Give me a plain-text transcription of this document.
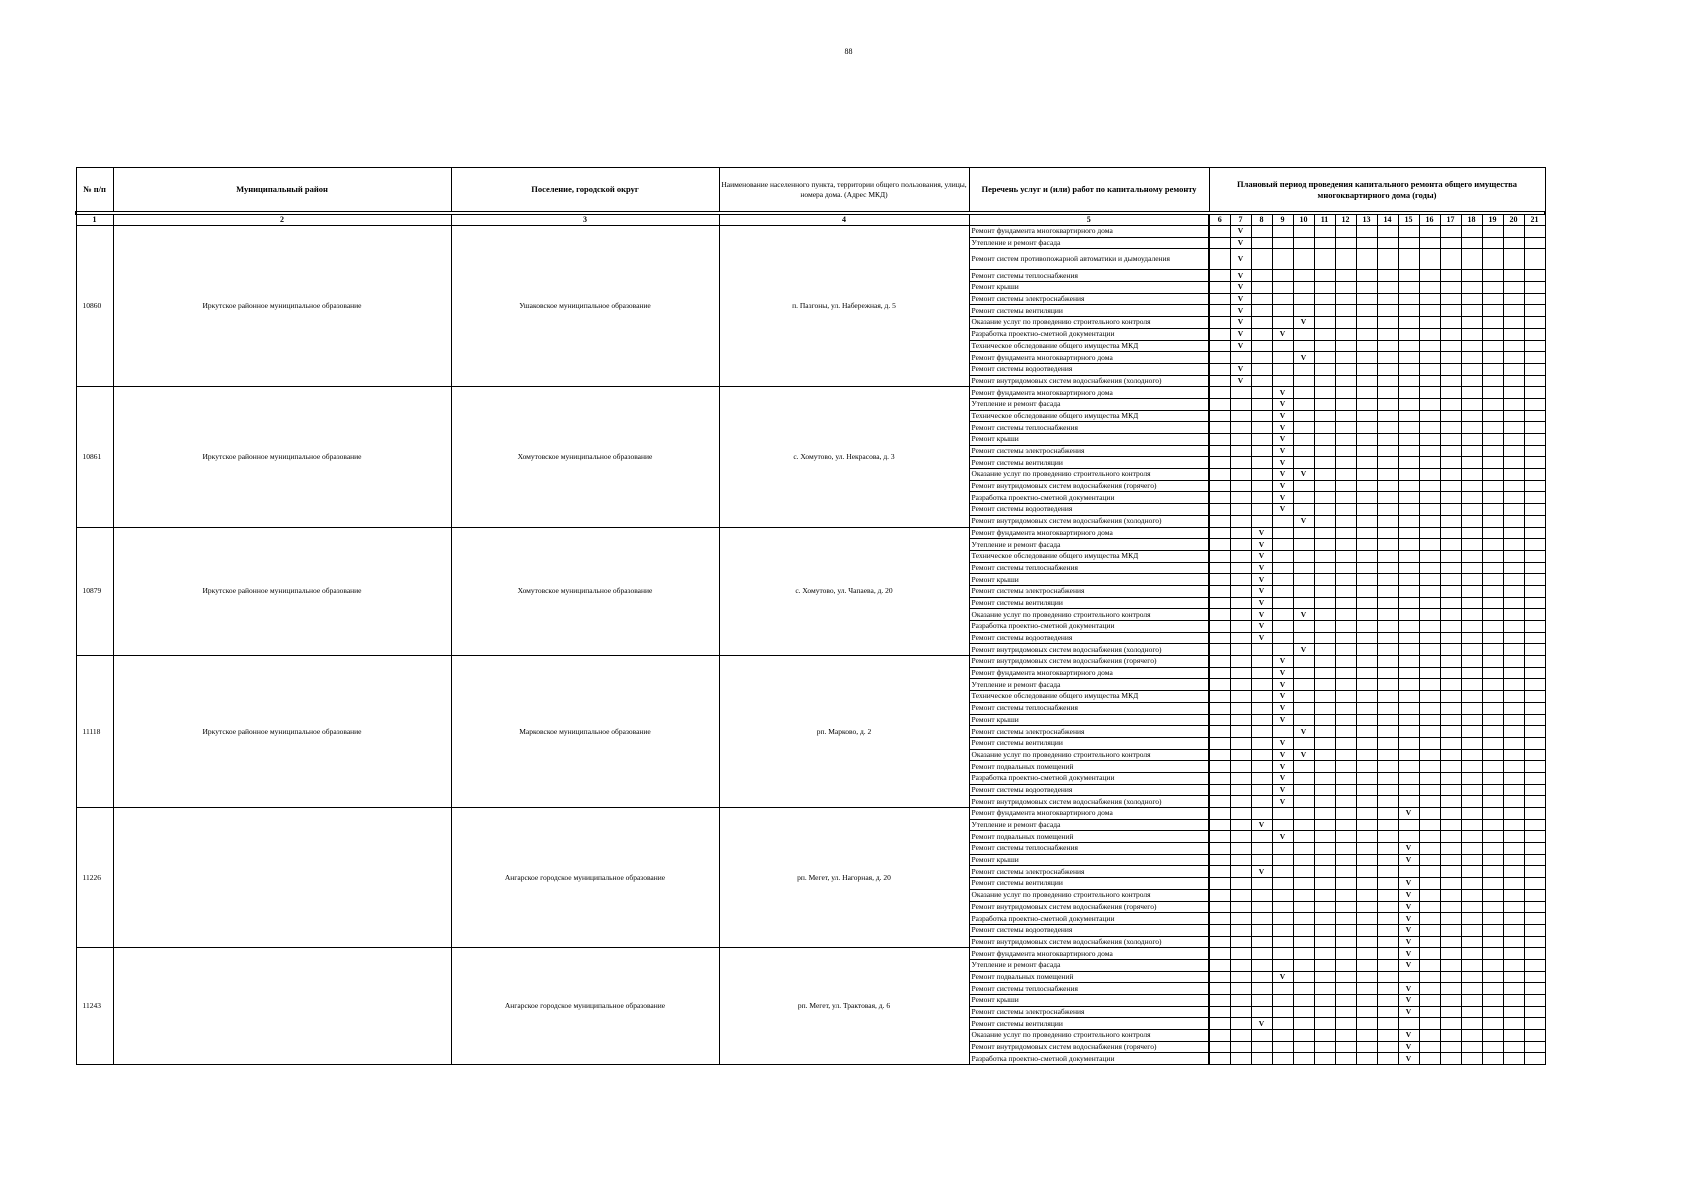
88
№ п/п	Муниципальный район	Поселение, городской округ	Наименование населенного пункта, территории общего пользования, улицы, номера дома. (Адрес МКД)	Перечень услуг и (или) работ по капитальному ремонту	Плановый период проведения капитального ремонта общего имущества многоквартирного дома (годы)															

1	2	3	4	5	6	7	8	9	10	11	12	13	14	15	16	17	18	19	20	21
10860	Иркутское районное муниципальное образование	Ушаковское муниципальное образование	п. Пазгоны, ул. Набережная, д. 5	Ремонт фундамента многоквартирного дома		V														
				Утепление и ремонт фасада		V														
				Ремонт систем противопожарной автоматики и дымоудаления		V														
				Ремонт системы теплоснабжения		V														
				Ремонт крыши		V														
				Ремонт системы электроснабжения		V														
				Ремонт системы вентиляции		V														
				Оказание услуг по проведению строительного контроля		V			V											
				Разработка проектно-сметной документации		V		V												
				Техническое обследование общего имущества МКД		V														
				Ремонт фундамента многоквартирного дома					V											
				Ремонт системы водоотведения		V														
				Ремонт внутридомовых систем водоснабжения (холодного)		V														
10861	Иркутское районное муниципальное образование	Хомутовское муниципальное образование	с. Хомутово, ул. Некрасова, д. 3	Ремонт фундамента многоквартирного дома				V												
				Утепление и ремонт фасада				V												
				Техническое обследование общего имущества МКД				V												
				Ремонт системы теплоснабжения				V												
				Ремонт крыши				V												
				Ремонт системы электроснабжения				V												
				Ремонт системы вентиляции				V												
				Оказание услуг по проведению строительного контроля				V	V											
				Ремонт внутридомовых систем водоснабжения (горячего)				V												
				Разработка проектно-сметной документации				V												
				Ремонт системы водоотведения				V												
				Ремонт внутридомовых систем водоснабжения (холодного)					V											
10879	Иркутское районное муниципальное образование	Хомутовское муниципальное образование	с. Хомутово, ул. Чапаева, д. 20	Ремонт фундамента многоквартирного дома			V													
				Утепление и ремонт фасада			V													
				Техническое обследование общего имущества МКД			V													
				Ремонт системы теплоснабжения			V													
				Ремонт крыши			V													
				Ремонт системы электроснабжения			V													
				Ремонт системы вентиляции			V													
				Оказание услуг по проведению строительного контроля			V		V											
				Разработка проектно-сметной документации			V													
				Ремонт системы водоотведения			V													
				Ремонт внутридомовых систем водоснабжения (холодного)					V											
11118	Иркутское районное муниципальное образование	Марковское муниципальное образование	рп. Марково, д. 2	Ремонт внутридомовых систем водоснабжения (горячего)				V												
				Ремонт фундамента многоквартирного дома				V												
				Утепление и ремонт фасада				V												
				Техническое обследование общего имущества МКД				V												
				Ремонт системы теплоснабжения				V												
				Ремонт крыши				V												
				Ремонт системы электроснабжения					V											
				Ремонт системы вентиляции				V												
				Оказание услуг по проведению строительного контроля				V	V											
				Ремонт подвальных помещений				V												
				Разработка проектно-сметной документации				V												
				Ремонт системы водоотведения				V												
				Ремонт внутридомовых систем водоснабжения (холодного)				V												
11226		Ангарское городское муниципальное образование	рп. Мегет, ул. Нагорная, д. 20	Ремонт фундамента многоквартирного дома										V						
				Утепление и ремонт фасада			V													
				Ремонт подвальных помещений				V												
				Ремонт системы теплоснабжения										V						
				Ремонт крыши										V						
				Ремонт системы электроснабжения			V													
				Ремонт системы вентиляции										V						
				Оказание услуг по проведению строительного контроля										V						
				Ремонт внутридомовых систем водоснабжения (горячего)										V						
				Разработка проектно-сметной документации										V						
				Ремонт системы водоотведения										V						
				Ремонт внутридомовых систем водоснабжения (холодного)										V						
11243		Ангарское городское муниципальное образование	рп. Мегет, ул. Трактовая, д. 6	Ремонт фундамента многоквартирного дома										V						
				Утепление и ремонт фасада										V						
				Ремонт подвальных помещений				V												
				Ремонт системы теплоснабжения										V						
				Ремонт крыши										V						
				Ремонт системы электроснабжения										V						
				Ремонт системы вентиляции			V													
				Оказание услуг по проведению строительного контроля										V						
				Ремонт внутридомовых систем водоснабжения (горячего)										V						
				Разработка проектно-сметной документации										V						
